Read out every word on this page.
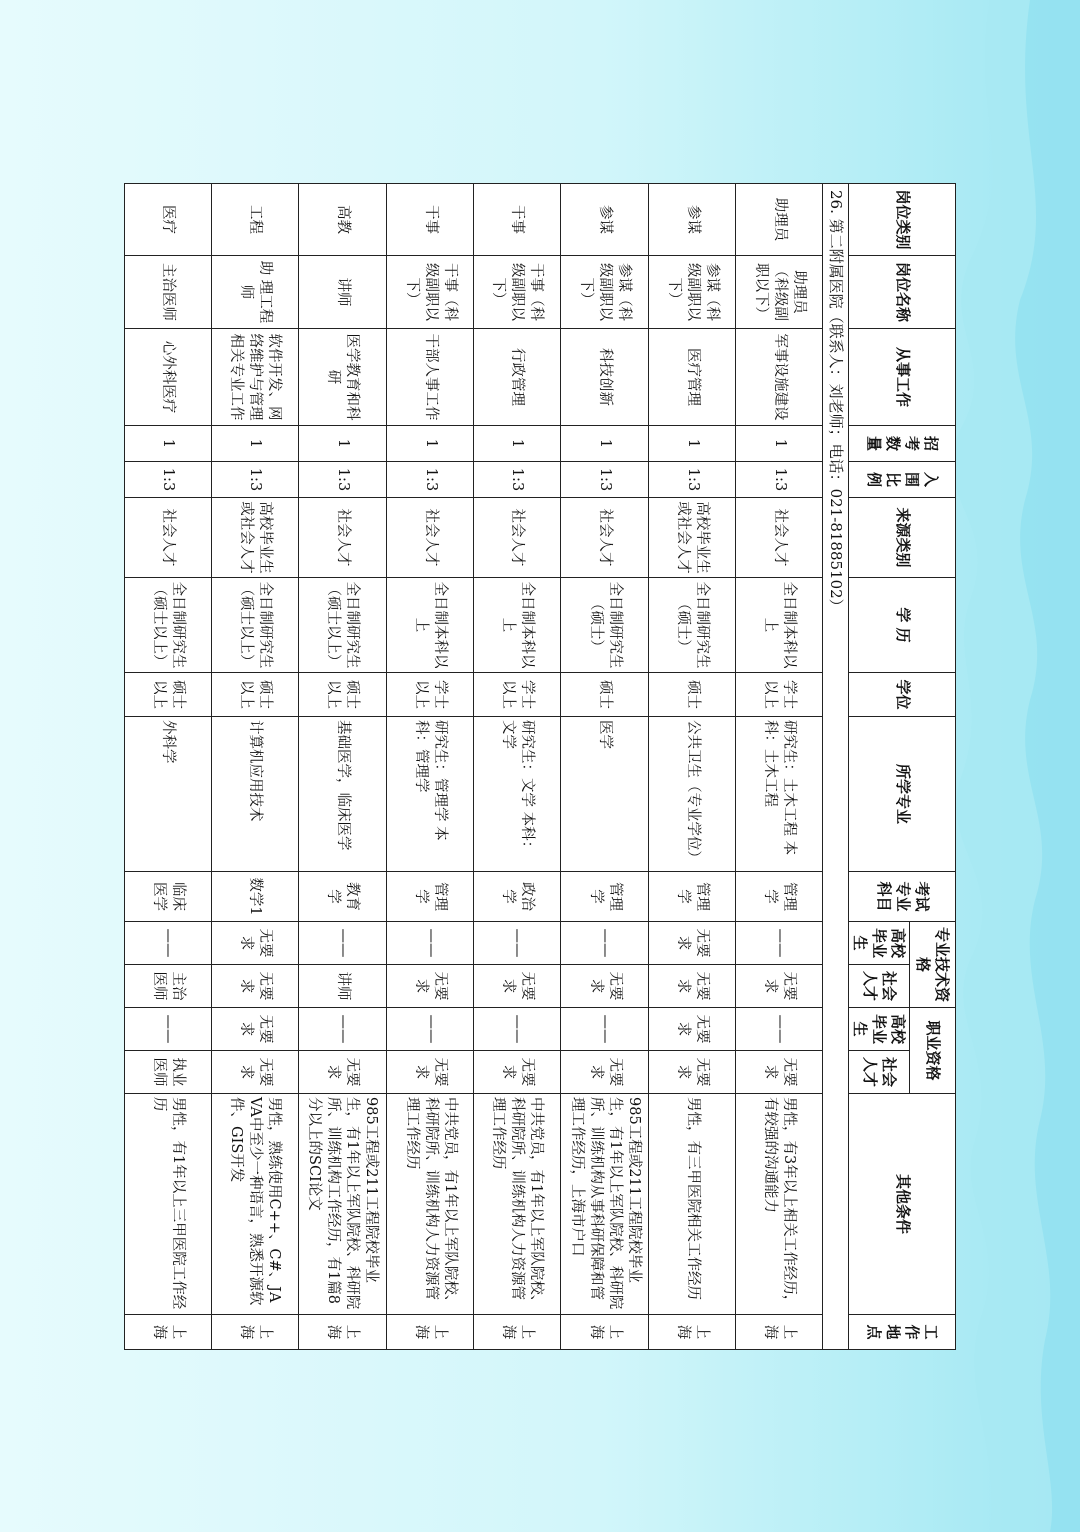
岗位类别	岗位名称	从事工作	招考数量	入围比例	来源类别	学 历	学位	所学专业	考试专业科目	专业技术资格		职业资格		其他条件	工作地点
										高校毕业生	社会人才	高校毕业生	社会人才		
26. 第二附属医院（联系人：刘老师；电话：021-81885102）															
助理员	助理员（科级副职以下）	军事设施建设	1	1:3	社会人才	全日制本科以上	学士以上	研究生：土木工程 本科：土木工程	管理学	——	无要求	——	无要求	男性，有3年以上相关工作经历，有较强的沟通能力	上海
参谋	参谋（科级副职以下）	医疗管理	1	1:3	高校毕业生或社会人才	全日制研究生（硕士）	硕士	公共卫生（专业学位）	管理学	无要求	无要求	无要求	无要求	男性，有三甲医院相关工作经历	上海
参谋	参谋（科级副职以下）	科技创新	1	1:3	社会人才	全日制研究生（硕士）	硕士	医学	管理学	——	无要求	——	无要求	985工程或211工程院校毕业生，有1年以上军队院校、科研院所、训练机构从事科研保障和管理工作经历，上海市户口	上海
干事	干事（科级副职以下）	行政管理	1	1:3	社会人才	全日制本科以上	学士以上	研究生：文学 本科：文学	政治学	——	无要求	——	无要求	中共党员，有1年以上军队院校、科研院所、训练机构人力资源管理工作经历	上海
干事	干事（科级副职以下）	干部人事工作	1	1:3	社会人才	全日制本科以上	学士以上	研究生：管理学 本科：管理学	管理学	——	无要求	——	无要求	中共党员，有1年以上军队院校、科研院所、训练机构人力资源管理工作经历	上海
高教	讲师	医学教育和科研	1	1:3	社会人才	全日制研究生（硕士以上）	硕士以上	基础医学，临床医学	教育学	——	讲师	——	无要求	985工程或211工程院校毕业生，有1年以上军队院校、科研院所、训练机构工作经历，有1篇8分以上的SCI论文	上海
工程	助 理工程师	软件开发、网络维护与管理相关专业工作	1	1:3	高校毕业生或社会人才	全日制研究生（硕士以上）	硕士以上	计算机应用技术	数学1	无要求	无要求	无要求	无要求	男性，熟练使用C++、C#、JAVA中至少一种语言，熟悉开源软件、GIS开发	上海
医疗	主治医师	心外科医疗	1	1:3	社会人才	全日制研究生（硕士以上）	硕士以上	外科学	临床医学	——	主治医师	——	执业医师	男性，有1年以上三甲医院工作经历	上海
